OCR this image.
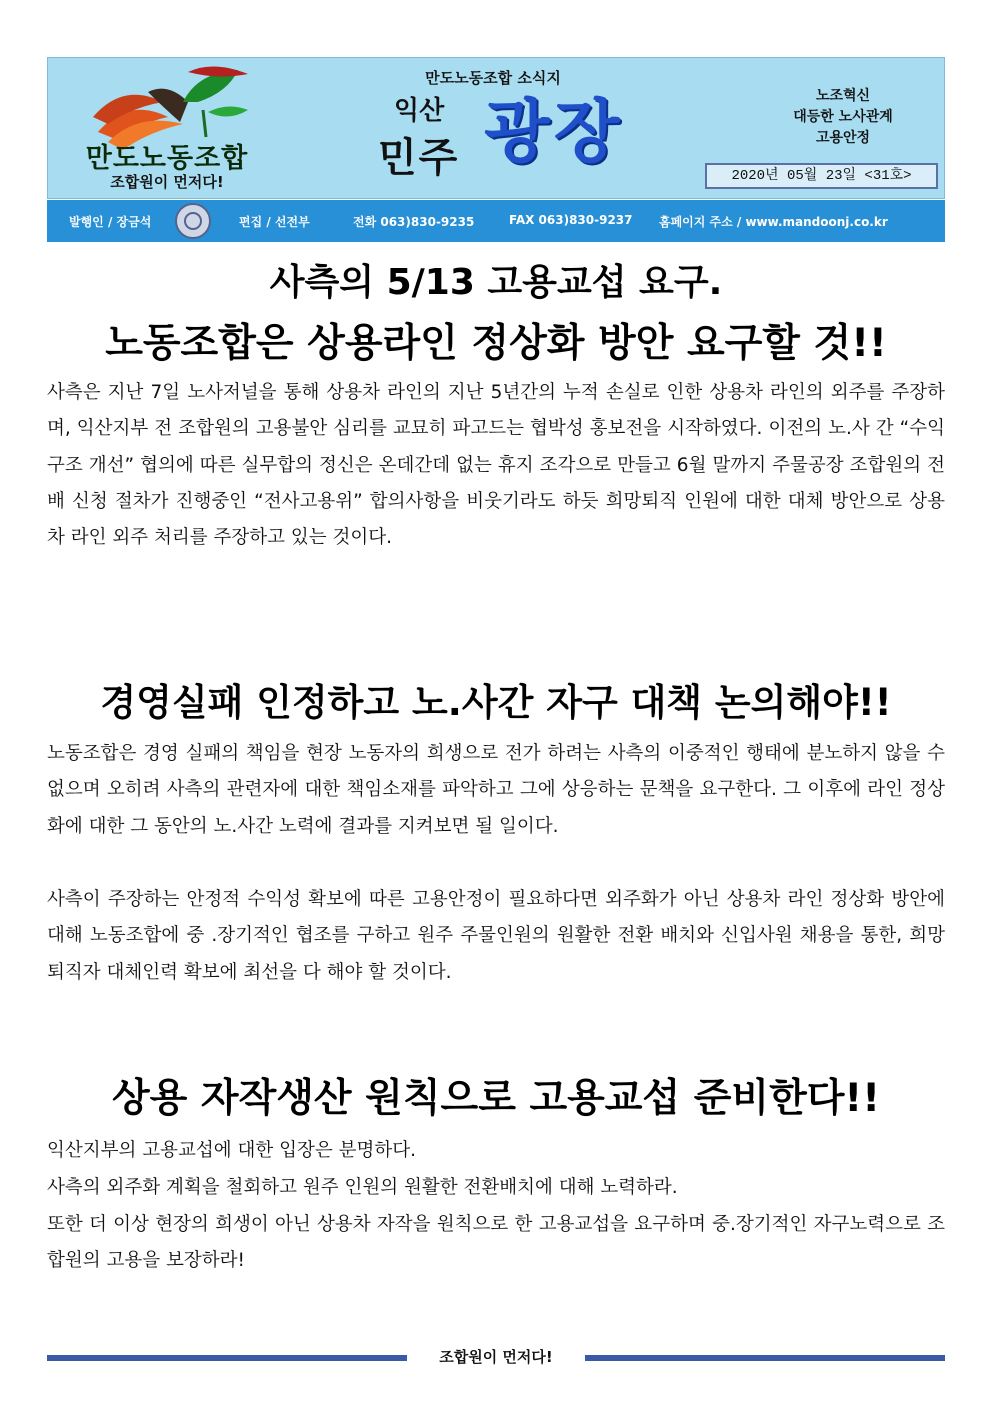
만도노동조합
조합원이 먼저다!
만도노동조합 소식지
익산
민주 광장	노조혁신
대등한 노사관계
고용안정
2020년 05월 23일 <31호>
발행인 / 장금석	편집 / 선전부	전화 063)830-9235	FAX 063)830-9237 홈페이지 주소 / www.mandoonj.co.kr
사측의 5/13 고용교섭 요구.
노동조합은 상용라인 정상화 방안 요구할 것!!

사측은 지난 7일 노사저널을 통해 상용차 라인의 지난 5년간의 누적 손실로 인한 상용차 라인의 외주를 주장하며, 익산지부 전 조합원의 고용불안 심리를 교묘히 파고드는 협박성 홍보전을 시작하였다. 이전의 노.사 간 “수익구조 개선” 협의에 따른 실무합의 정신은 온데간데 없는 휴지 조각으로 만들고 6월 말까지 주물공장 조합원의 전배 신청 절차가 진행중인 “전사고용위” 합의사항을 비웃기라도 하듯 희망퇴직 인원에 대한 대체 방안으로 상용차 라인 외주 처리를 주장하고 있는 것이다.

경영실패 인정하고 노.사간 자구 대책 논의해야!!

노동조합은 경영 실패의 책임을 현장 노동자의 희생으로 전가 하려는 사측의 이중적인 행태에 분노하지 않을 수 없으며 오히려 사측의 관련자에 대한 책임소재를 파악하고 그에 상응하는 문책을 요구한다. 그 이후에 라인 정상화에 대한 그 동안의 노.사간 노력에 결과를 지켜보면 될 일이다.

사측이 주장하는 안정적 수익성 확보에 따른 고용안정이 필요하다면 외주화가 아닌 상용차 라인 정상화 방안에 대해 노동조합에 중 .장기적인 협조를 구하고 원주 주물인원의 원활한 전환 배치와 신입사원 채용을 통한, 희망 퇴직자 대체인력 확보에 최선을 다 해야 할 것이다.

상용 자작생산 원칙으로 고용교섭 준비한다!!

익산지부의 고용교섭에 대한 입장은 분명하다.

사측의 외주화 계획을 철회하고 원주 인원의 원활한 전환배치에 대해 노력하라.

또한 더 이상 현장의 희생이 아닌 상용차 자작을 원칙으로 한 고용교섭을 요구하며 중.장기적인 자구노력으로 조합원의 고용을 보장하라!

조합원이 먼저다!
